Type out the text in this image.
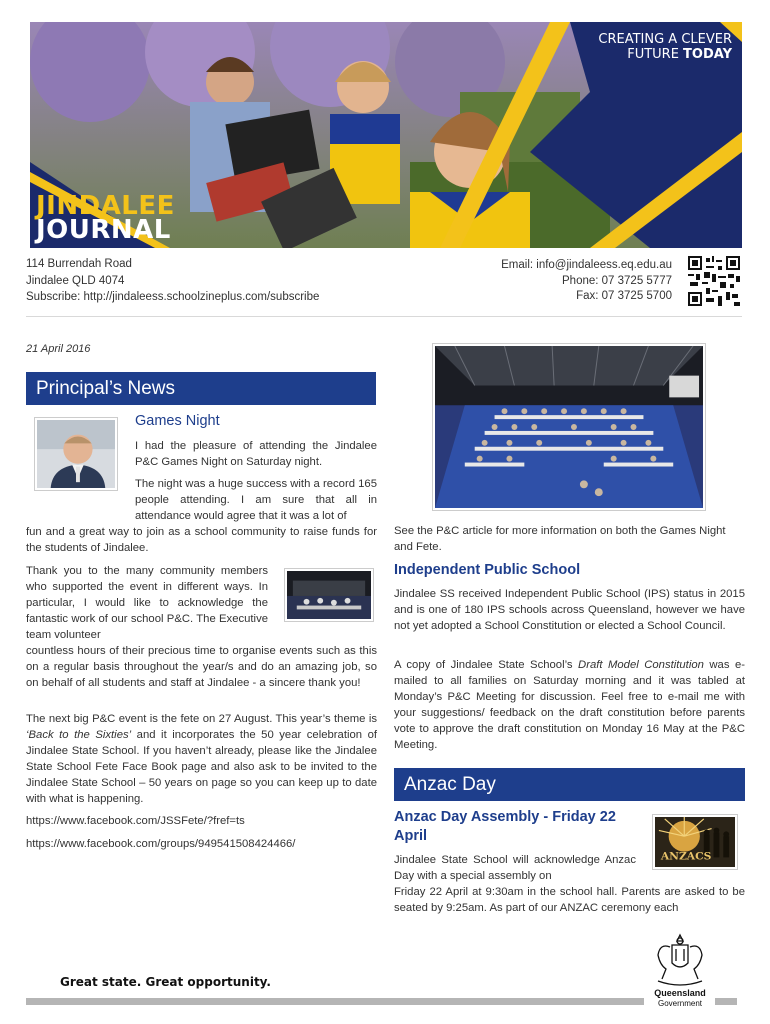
JINDALEE
JOURNAL
CREATING A CLEVER
FUTURE TODAY
114 Burrendah Road
Jindalee QLD 4074
Subscribe: http://jindaleess.schoolzineplus.com/subscribe
Email: info@jindaleess.eq.edu.au
Phone: 07 3725 5777
Fax: 07 3725 5700
21 April 2016
Principal’s News
Games Night
I had the pleasure of attending the Jindalee P&C Games Night on Saturday night.
The night was a huge success with a record 165 people attending. I am sure that all in attendance would agree that it was a lot of
fun and a great way to join as a school community to raise funds for the students of Jindalee.
Thank you to the many community members who supported the event in different ways. In particular, I would like to acknowledge the fantastic work of our school P&C. The Executive team volunteer
countless hours of their precious time to organise events such as this on a regular basis throughout the year/s and do an amazing job, so on behalf of all students and staff at Jindalee - a sincere thank you!
The next big P&C event is the fete on 27 August. This year’s theme is ‘Back to the Sixties’ and it incorporates the 50 year celebration of Jindalee State School. If you haven’t already, please like the Jindalee State School Fete Face Book page and also ask to be invited to the Jindalee State School – 50 years on page so you can keep up to date with what is happening.
https://www.facebook.com/JSSFete/?fref=ts
https://www.facebook.com/groups/949541508424466/
See the P&C article for more information on both the Games Night and Fete.
Independent Public School
Jindalee SS received Independent Public School (IPS) status in 2015 and is one of 180 IPS schools across Queensland, however we have not yet adopted a School Constitution or elected a School Council.
A copy of Jindalee State School’s Draft Model Constitution was e-mailed to all families on Saturday morning and it was tabled at Monday’s P&C Meeting for discussion. Feel free to e-mail me with your suggestions/ feedback on the draft constitution before parents vote to approve the draft constitution on Monday 16 May at the P&C Meeting.
Anzac Day
Anzac Day Assembly - Friday 22
April
ANZACS
Jindalee State School will acknowledge Anzac Day with a special assembly on
Friday 22 April at 9:30am in the school hall. Parents are asked to be seated by 9:25am. As part of our ANZAC ceremony each
Great state. Great opportunity.
Queensland
Government
